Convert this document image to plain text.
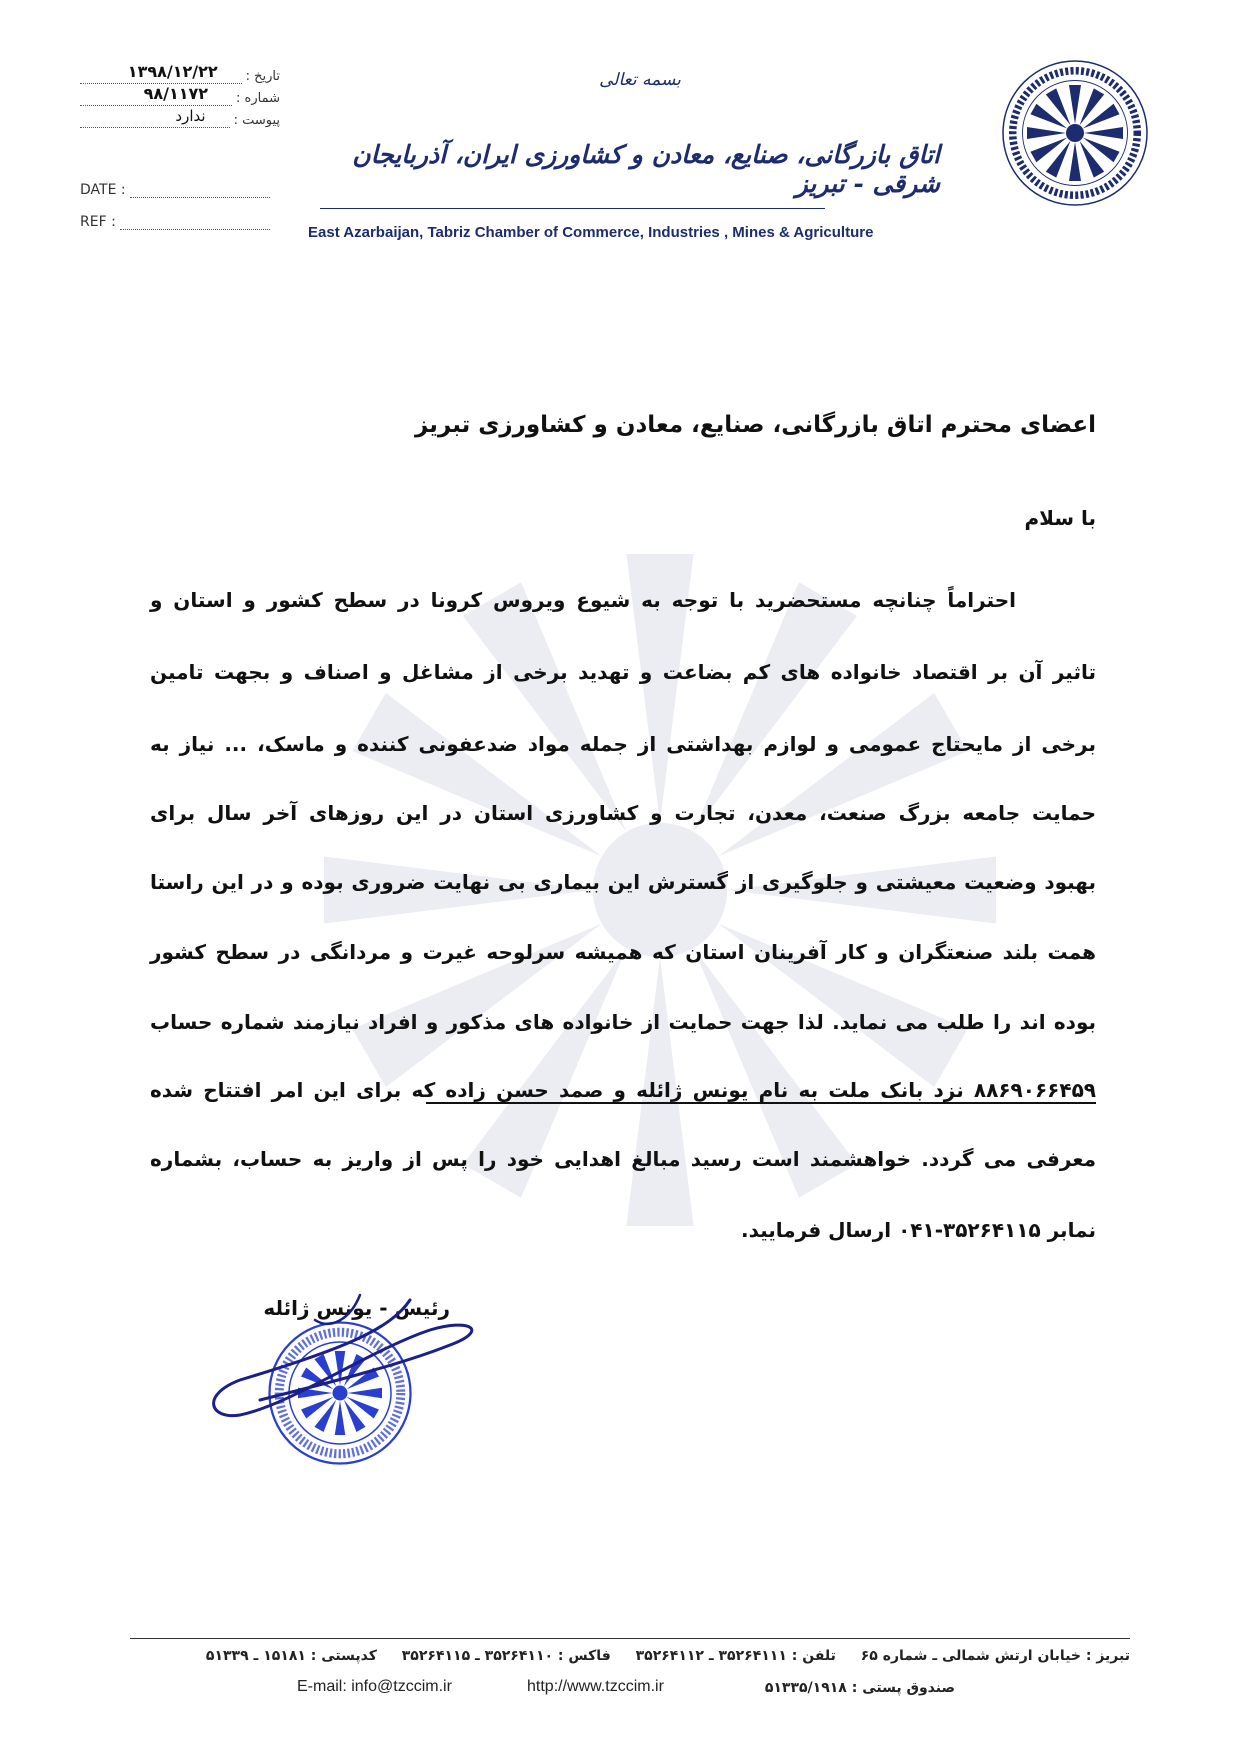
تاریخ :
۱۳۹۸/۱۲/۲۲
شماره :
۹۸/۱۱۷۲
پیوست :
ندارد
DATE :
REF :
بسمه تعالی
اتاق بازرگانی، صنایع، معادن و کشاورزی ایران، آذربایجان شرقی - تبریز
East Azarbaijan, Tabriz Chamber of Commerce, Industries , Mines & Agriculture
اعضای محترم اتاق بازرگانی، صنایع، معادن و کشاورزی تبریز
با سلام
احتراماً چنانچه مستحضرید با توجه به شیوع ویروس کرونا در سطح کشور و استان و
تاثیر آن بر اقتصاد خانواده های کم بضاعت و تهدید برخی از مشاغل و اصناف و بجهت تامین
برخی از مایحتاج عمومی و لوازم بهداشتی از جمله مواد ضدعفونی کننده و ماسک، ... نیاز به
حمایت جامعه بزرگ صنعت، معدن، تجارت و کشاورزی استان در این روزهای آخر سال برای
بهبود وضعیت معیشتی و جلوگیری از گسترش این بیماری بی نهایت ضروری بوده و در این راستا
همت بلند صنعتگران و کار آفرینان استان که همیشه سرلوحه غیرت و مردانگی در سطح کشور
بوده اند را طلب می نماید. لذا جهت حمایت از خانواده های مذکور و افراد نیازمند شماره حساب
۸۸۶۹۰۶۶۴۵۹ نزد بانک ملت به نام یونس ژائله و صمد حسن زاده که برای این امر افتتاح شده
معرفی می گردد. خواهشمند است رسید مبالغ اهدایی خود را پس از واریز به حساب، بشماره
نمابر ۳۵۲۶۴۱۱۵-۰۴۱ ارسال فرمایید.
رئیس - یونس ژائله
تبریز : خیابان ارتش شمالی ـ شماره ۶۵ تلفن : ۳۵۲۶۴۱۱۱ ـ ۳۵۲۶۴۱۱۲ فاکس : ۳۵۲۶۴۱۱۰ ـ ۳۵۲۶۴۱۱۵ کدپستی : ۱۵۱۸۱ ـ ۵۱۳۳۹
E-mail: info@tzccim.ir	http://www.tzccim.ir	صندوق پستی : ۵۱۳۳۵/۱۹۱۸
